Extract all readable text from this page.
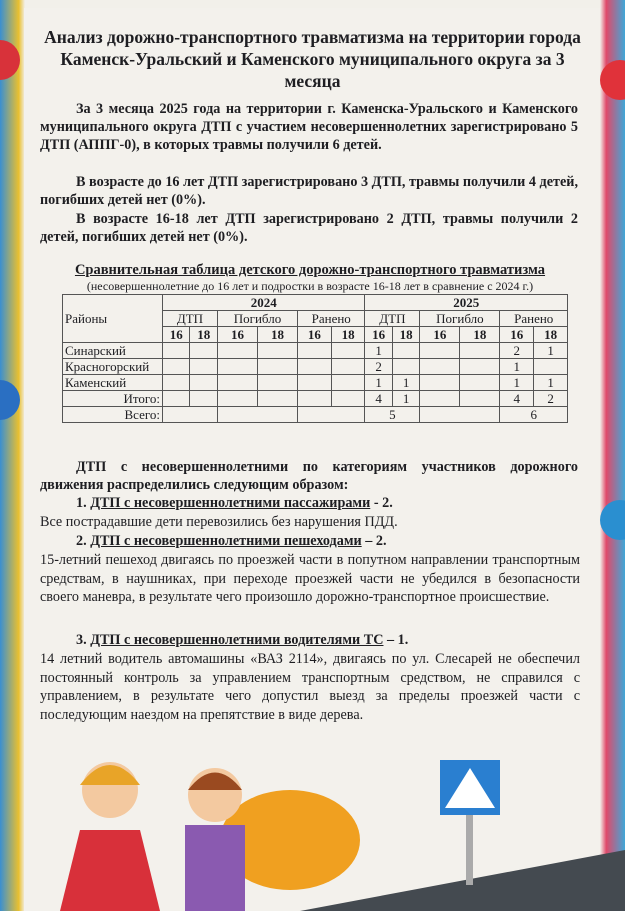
Анализ дорожно-транспортного травматизма на территории города Каменск-Уральский и Каменского муниципального округа за 3 месяца
За 3 месяца 2025 года на территории г. Каменска-Уральского и Каменского муниципального округа ДТП с участием несовершеннолетних зарегистрировано 5 ДТП (АППГ-0), в которых травмы получили 6 детей.
В возрасте до 16 лет ДТП зарегистрировано 3 ДТП, травмы получили 4 детей, погибших детей нет (0%).
В возрасте 16-18 лет ДТП зарегистрировано 2 ДТП, травмы получили 2 детей, погибших детей нет (0%).
Сравнительная таблица детского дорожно-транспортного травматизма
(несовершеннолетние до 16 лет и подростки в возрасте 16-18 лет в сравнение с 2024 г.)
Районы	2024						2025					
	ДТП		Погибло		Ранено		ДТП		Погибло		Ранено	
	16	18	16	18	16	18	16	18	16	18	16	18
Синарский							1				2	1
Красногорский							2				1	
Каменский							1	1			1	1
Итого:							4	1			4	2
Всего:							5				6	
ДТП с несовершеннолетними по категориям участников дорожного движения распределились следующим образом:
1. ДТП с несовершеннолетними пассажирами - 2.
Все пострадавшие дети перевозились без нарушения ПДД.
2. ДТП с несовершеннолетними пешеходами – 2.
15-летний пешеход двигаясь по проезжей части в попутном направлении транспортным средствам, в наушниках, при переходе проезжей части не убедился в безопасности своего маневра, в результате чего произошло дорожно-транспортное происшествие.
3. ДТП с несовершеннолетними водителями ТС – 1.
14 летний водитель автомашины «ВАЗ 2114», двигаясь по ул. Слесарей не обеспечил постоянный контроль за управлением транспортным средством, не справился с управлением, в результате чего допустил выезд за пределы проезжей части с последующим наездом на препятствие в виде дерева.
